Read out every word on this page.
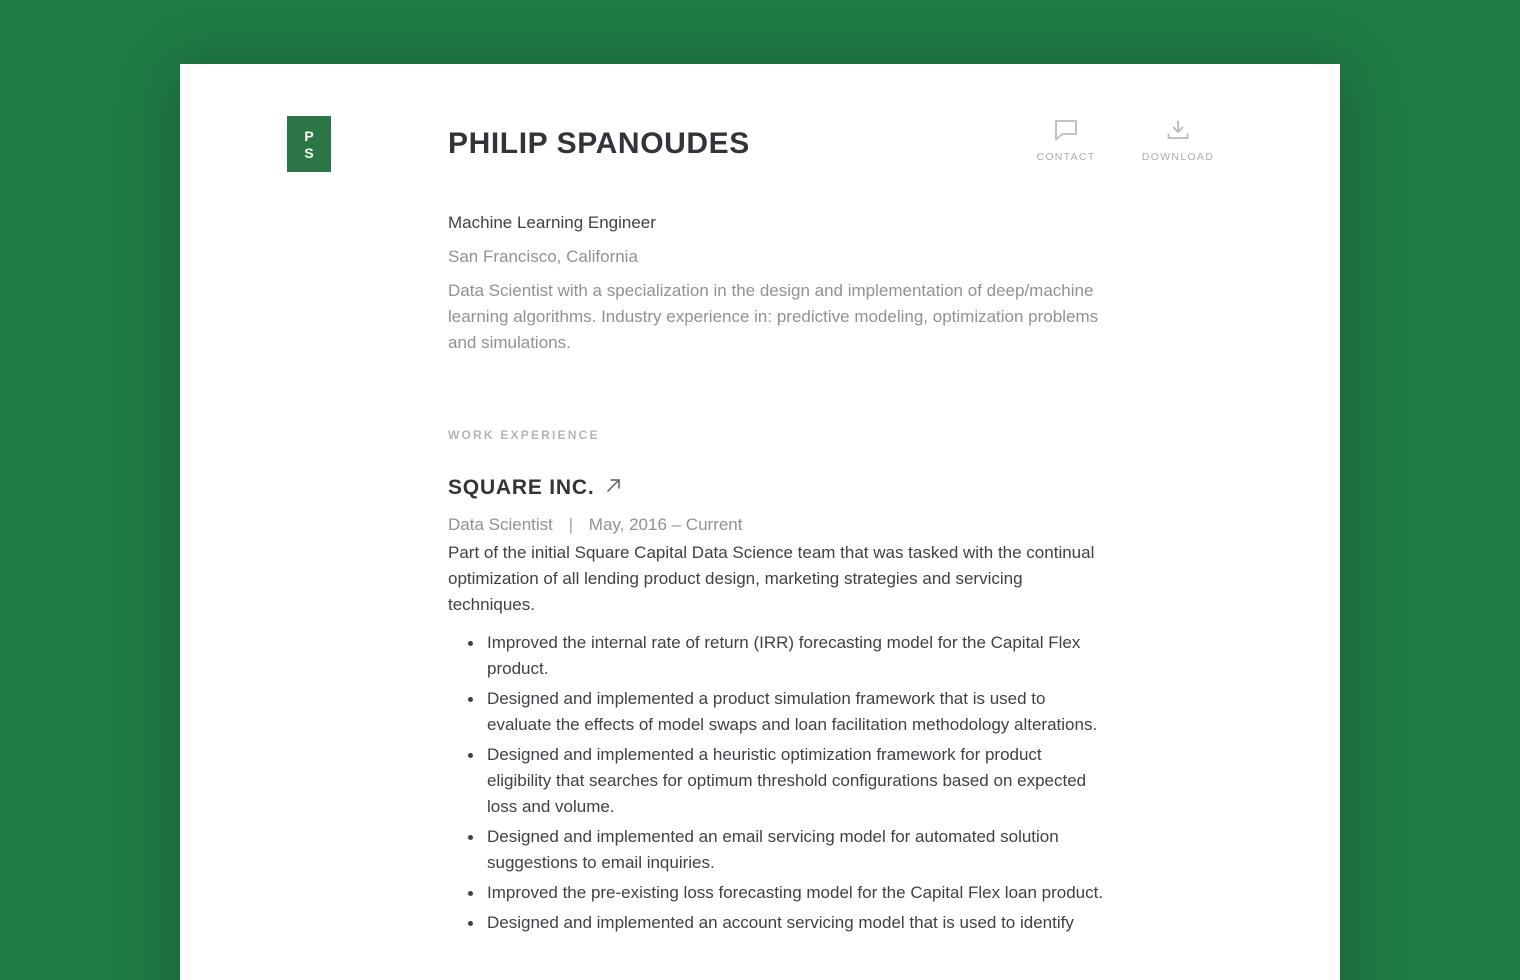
P
S	PHILIP SPANOUDES	CONTACT	DOWNLOAD

Machine Learning Engineer

San Francisco, California

Data Scientist with a specialization in the design and implementation of deep/machine learning algorithms. Industry experience in: predictive modeling, optimization problems and simulations.

WORK EXPERIENCE
SQUARE INC.

Data Scientist | May, 2016 – Current

Part of the initial Square Capital Data Science team that was tasked with the continual optimization of all lending product design, marketing strategies and servicing techniques.

Improved the internal rate of return (IRR) forecasting model for the Capital Flex product.
Designed and implemented a product simulation framework that is used to evaluate the effects of model swaps and loan facilitation methodology alterations.
Designed and implemented a heuristic optimization framework for product eligibility that searches for optimum threshold configurations based on expected loss and volume.
Designed and implemented an email servicing model for automated solution suggestions to email inquiries.
Improved the pre-existing loss forecasting model for the Capital Flex loan product.
Designed and implemented an account servicing model that is used to identify
